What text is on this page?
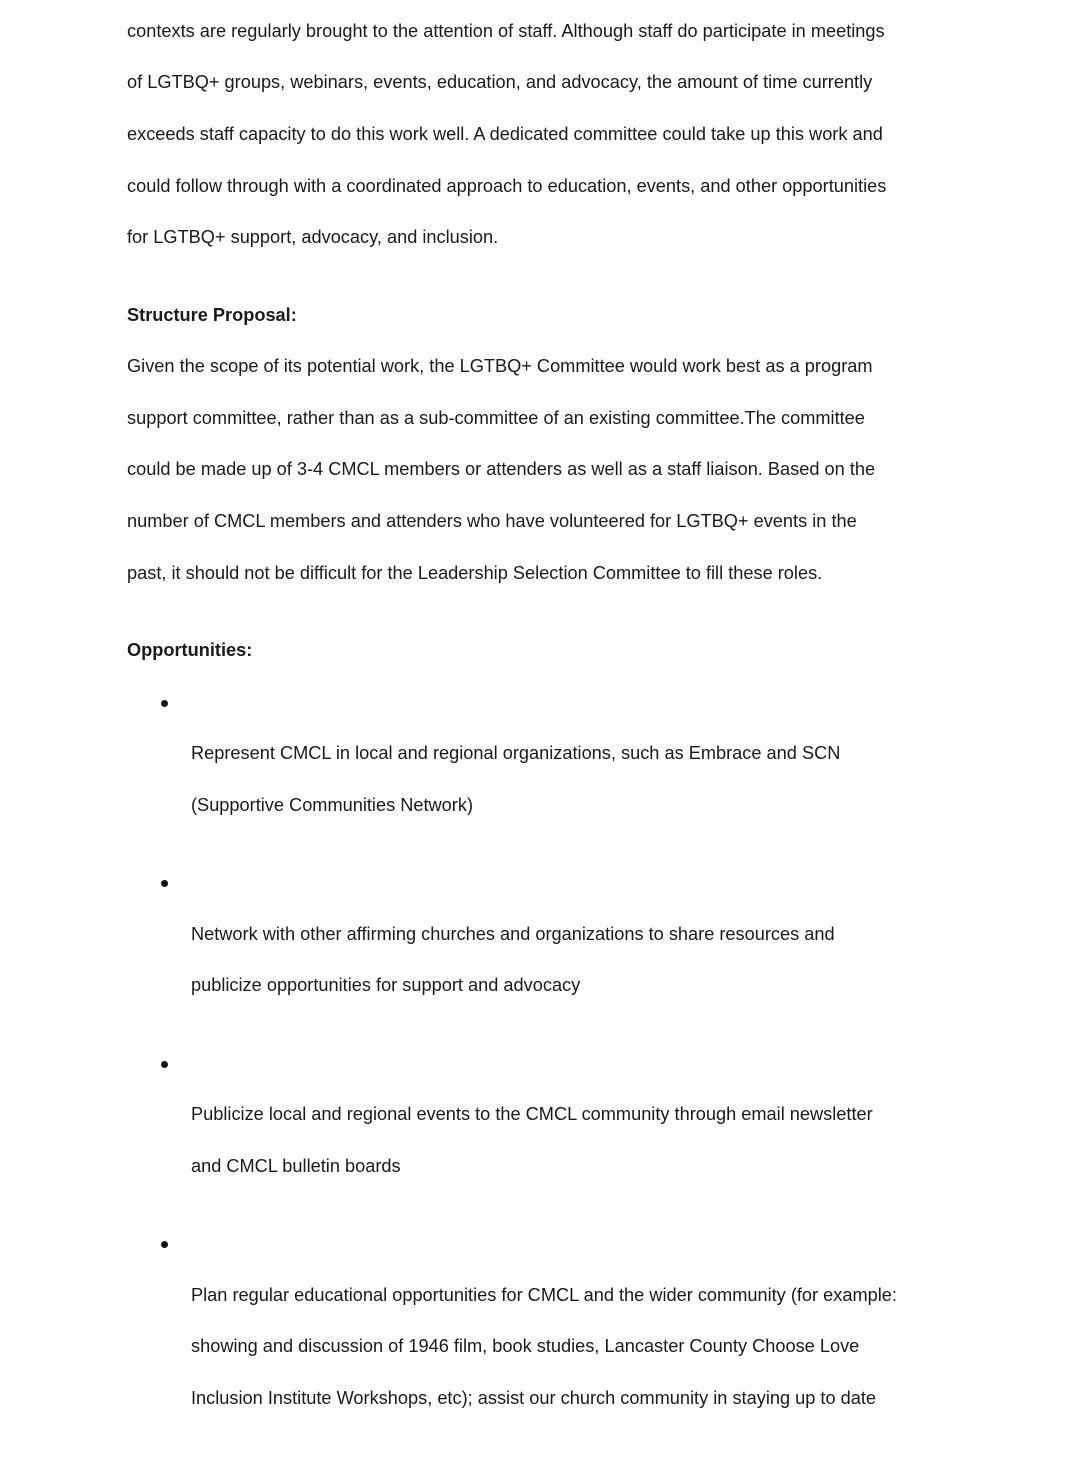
contexts are regularly brought to the attention of staff. Although staff do participate in meetings

of LGTBQ+ groups, webinars, events, education, and advocacy, the amount of time currently

exceeds staff capacity to do this work well. A dedicated committee could take up this work and

could follow through with a coordinated approach to education, events, and other opportunities

for LGTBQ+ support, advocacy, and inclusion.

Structure Proposal:

Given the scope of its potential work, the LGTBQ+ Committee would work best as a program

support committee, rather than as a sub-committee of an existing committee.The committee

could be made up of 3-4 CMCL members or attenders as well as a staff liaison. Based on the

number of CMCL members and attenders who have volunteered for LGTBQ+ events in the

past, it should not be difficult for the Leadership Selection Committee to fill these roles.

Opportunities:

Represent CMCL in local and regional organizations, such as Embrace and SCN

(Supportive Communities Network)

Network with other affirming churches and organizations to share resources and

publicize opportunities for support and advocacy

Publicize local and regional events to the CMCL community through email newsletter

and CMCL bulletin boards

Plan regular educational opportunities for CMCL and the wider community (for example:

showing and discussion of 1946 film, book studies, Lancaster County Choose Love

Inclusion Institute Workshops, etc); assist our church community in staying up to date
